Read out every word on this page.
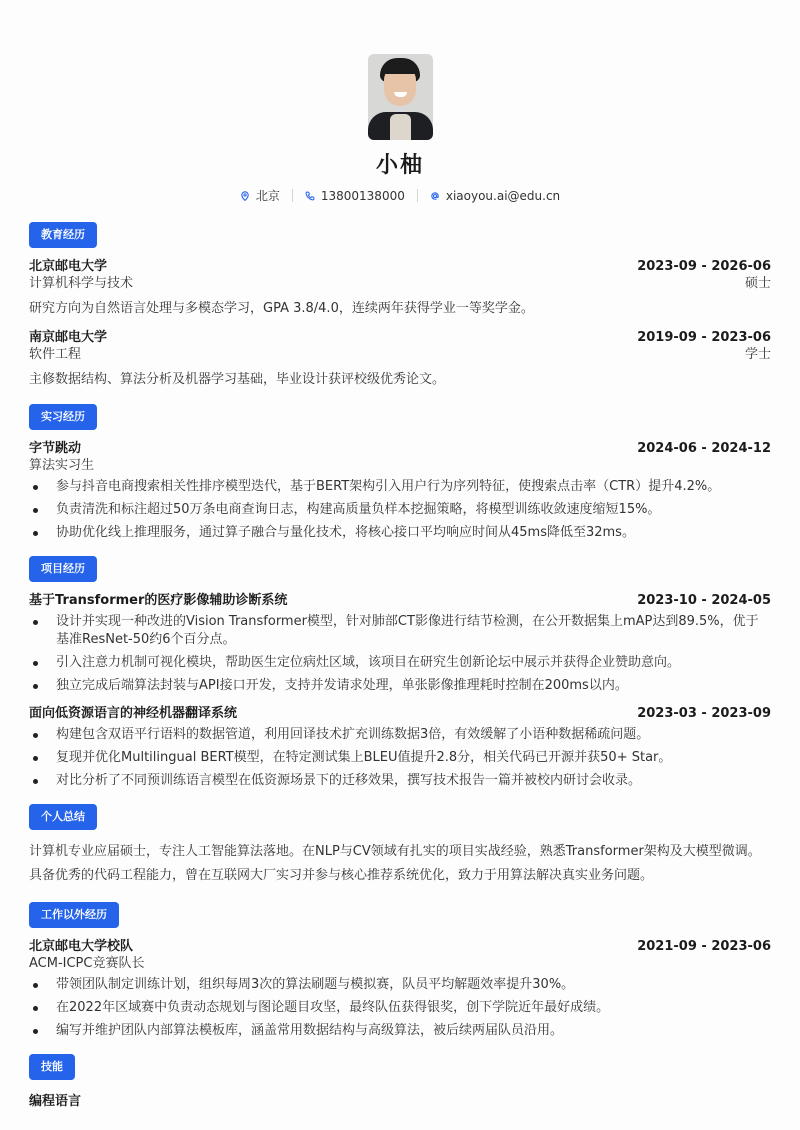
小柚
北京	13800138000	xiaoyou.ai@edu.cn
教育经历
北京邮电大学	2023-09 - 2026-06
计算机科学与技术	硕士
研究方向为自然语言处理与多模态学习，GPA 3.8/4.0，连续两年获得学业一等奖学金。
南京邮电大学	2019-09 - 2023-06
软件工程	学士
主修数据结构、算法分析及机器学习基础，毕业设计获评校级优秀论文。
实习经历
字节跳动	2024-06 - 2024-12
算法实习生
参与抖音电商搜索相关性排序模型迭代，基于BERT架构引入用户行为序列特征，使搜索点击率（CTR）提升4.2%。
负责清洗和标注超过50万条电商查询日志，构建高质量负样本挖掘策略，将模型训练收敛速度缩短15%。
协助优化线上推理服务，通过算子融合与量化技术，将核心接口平均响应时间从45ms降低至32ms。
项目经历
基于Transformer的医疗影像辅助诊断系统	2023-10 - 2024-05
设计并实现一种改进的Vision Transformer模型，针对肺部CT影像进行结节检测，在公开数据集上mAP达到89.5%，优于基准ResNet-50约6个百分点。
引入注意力机制可视化模块，帮助医生定位病灶区域，该项目在研究生创新论坛中展示并获得企业赞助意向。
独立完成后端算法封装与API接口开发，支持并发请求处理，单张影像推理耗时控制在200ms以内。
面向低资源语言的神经机器翻译系统	2023-03 - 2023-09
构建包含双语平行语料的数据管道，利用回译技术扩充训练数据3倍，有效缓解了小语种数据稀疏问题。
复现并优化Multilingual BERT模型，在特定测试集上BLEU值提升2.8分，相关代码已开源并获50+ Star。
对比分析了不同预训练语言模型在低资源场景下的迁移效果，撰写技术报告一篇并被校内研讨会收录。
个人总结
计算机专业应届硕士，专注人工智能算法落地。在NLP与CV领域有扎实的项目实战经验，熟悉Transformer架构及大模型微调。具备优秀的代码工程能力，曾在互联网大厂实习并参与核心推荐系统优化，致力于用算法解决真实业务问题。
工作以外经历
北京邮电大学校队	2021-09 - 2023-06
ACM-ICPC竞赛队长
带领团队制定训练计划，组织每周3次的算法刷题与模拟赛，队员平均解题效率提升30%。
在2022年区域赛中负责动态规划与图论题目攻坚，最终队伍获得银奖，创下学院近年最好成绩。
编写并维护团队内部算法模板库，涵盖常用数据结构与高级算法，被后续两届队员沿用。
技能
编程语言
